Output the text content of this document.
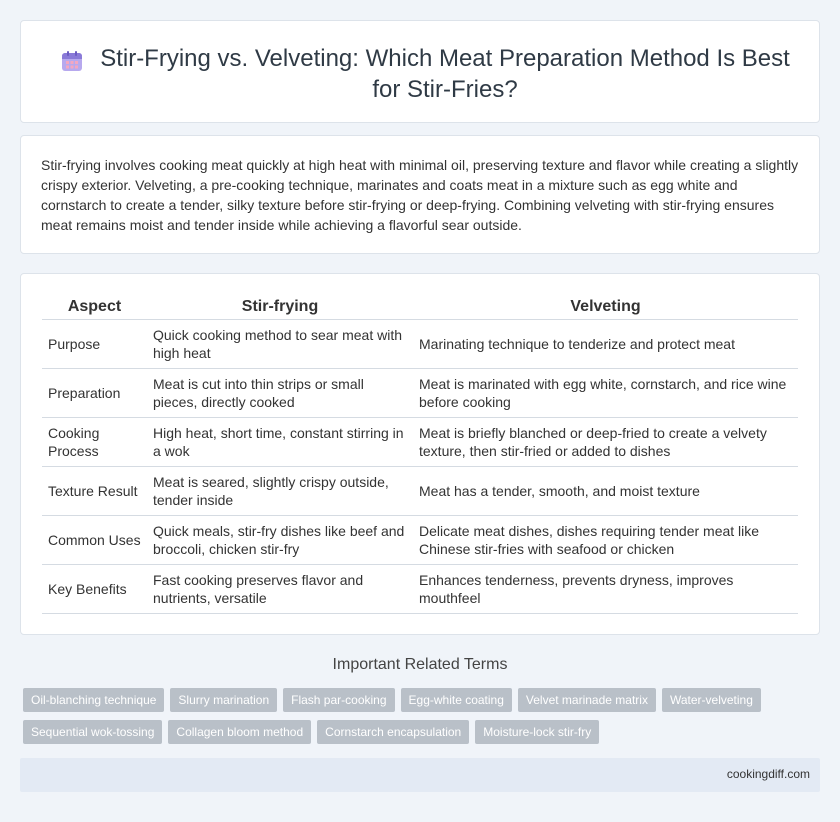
Stir-Frying vs. Velveting: Which Meat Preparation Method Is Best for Stir-Fries?

Stir-frying involves cooking meat quickly at high heat with minimal oil, preserving texture and flavor while creating a slightly crispy exterior. Velveting, a pre-cooking technique, marinates and coats meat in a mixture such as egg white and cornstarch to create a tender, silky texture before stir-frying or deep-frying. Combining velveting with stir-frying ensures meat remains moist and tender inside while achieving a flavorful sear outside.

Aspect	Stir-frying	Velveting
Purpose	Quick cooking method to sear meat with high heat	Marinating technique to tenderize and protect meat
Preparation	Meat is cut into thin strips or small pieces, directly cooked	Meat is marinated with egg white, cornstarch, and rice wine before cooking
Cooking Process	High heat, short time, constant stirring in a wok	Meat is briefly blanched or deep-fried to create a velvety texture, then stir-fried or added to dishes
Texture Result	Meat is seared, slightly crispy outside, tender inside	Meat has a tender, smooth, and moist texture
Common Uses	Quick meals, stir-fry dishes like beef and broccoli, chicken stir-fry	Delicate meat dishes, dishes requiring tender meat like Chinese stir-fries with seafood or chicken
Key Benefits	Fast cooking preserves flavor and nutrients, versatile	Enhances tenderness, prevents dryness, improves mouthfeel
Important Related Terms
Oil-blanching technique Slurry marination Flash par-cooking Egg-white coating Velvet marinade matrix Water-velvetingSequential wok-tossing Collagen bloom method Cornstarch encapsulation Moisture-lock stir-fry
cookingdiff.com
